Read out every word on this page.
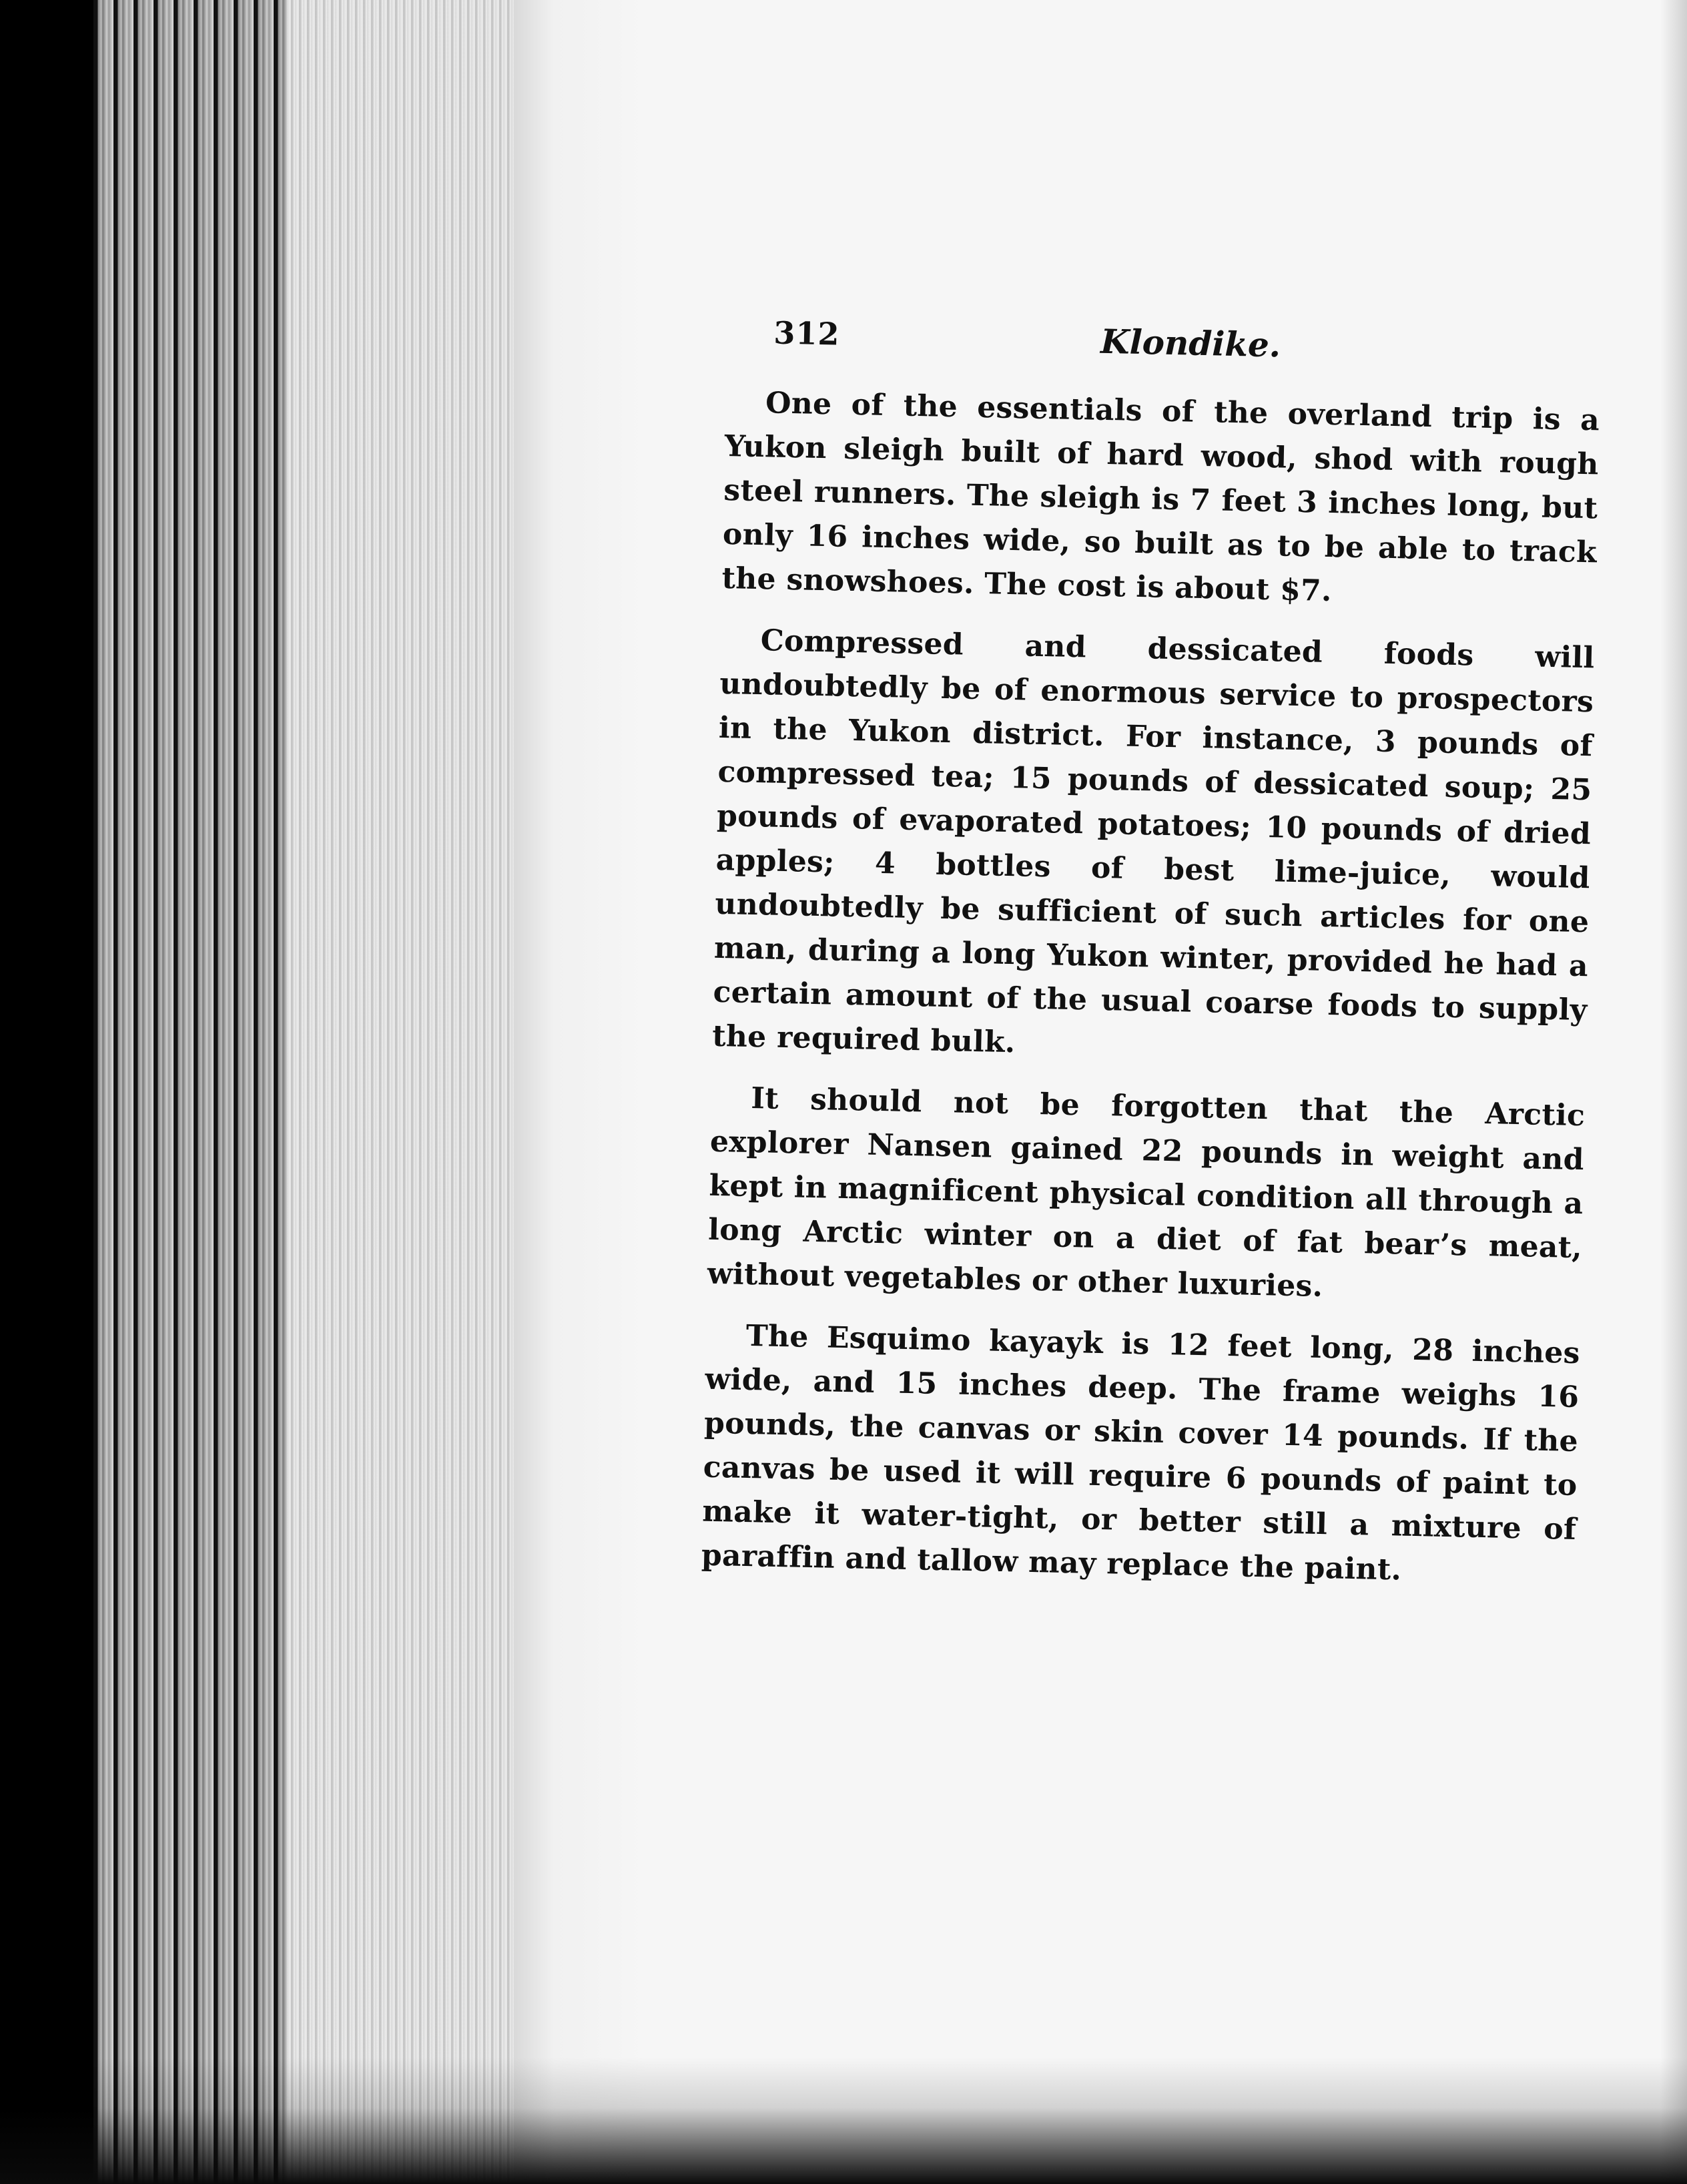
312	Klondike.

One of the essentials of the overland trip is a Yukon sleigh built of hard wood, shod with rough steel runners. The sleigh is 7 feet 3 inches long, but only 16 inches wide, so built as to be able to track the snowshoes. The cost is about $7.

Compressed and dessicated foods will undoubtedly be of enormous service to prospectors in the Yukon district. For instance, 3 pounds of compressed tea; 15 pounds of dessicated soup; 25 pounds of evaporated potatoes; 10 pounds of dried apples; 4 bottles of best lime-juice, would undoubtedly be sufficient of such articles for one man, during a long Yukon winter, provided he had a certain amount of the usual coarse foods to supply the required bulk.

It should not be forgotten that the Arctic explorer Nansen gained 22 pounds in weight and kept in magnificent physical condition all through a long Arctic winter on a diet of fat bear’s meat, without vegetables or other luxuries.

The Esquimo kayayk is 12 feet long, 28 inches wide, and 15 inches deep. The frame weighs 16 pounds, the canvas or skin cover 14 pounds. If the canvas be used it will require 6 pounds of paint to make it water-tight, or better still a mixture of paraffin and tallow may replace the paint.
